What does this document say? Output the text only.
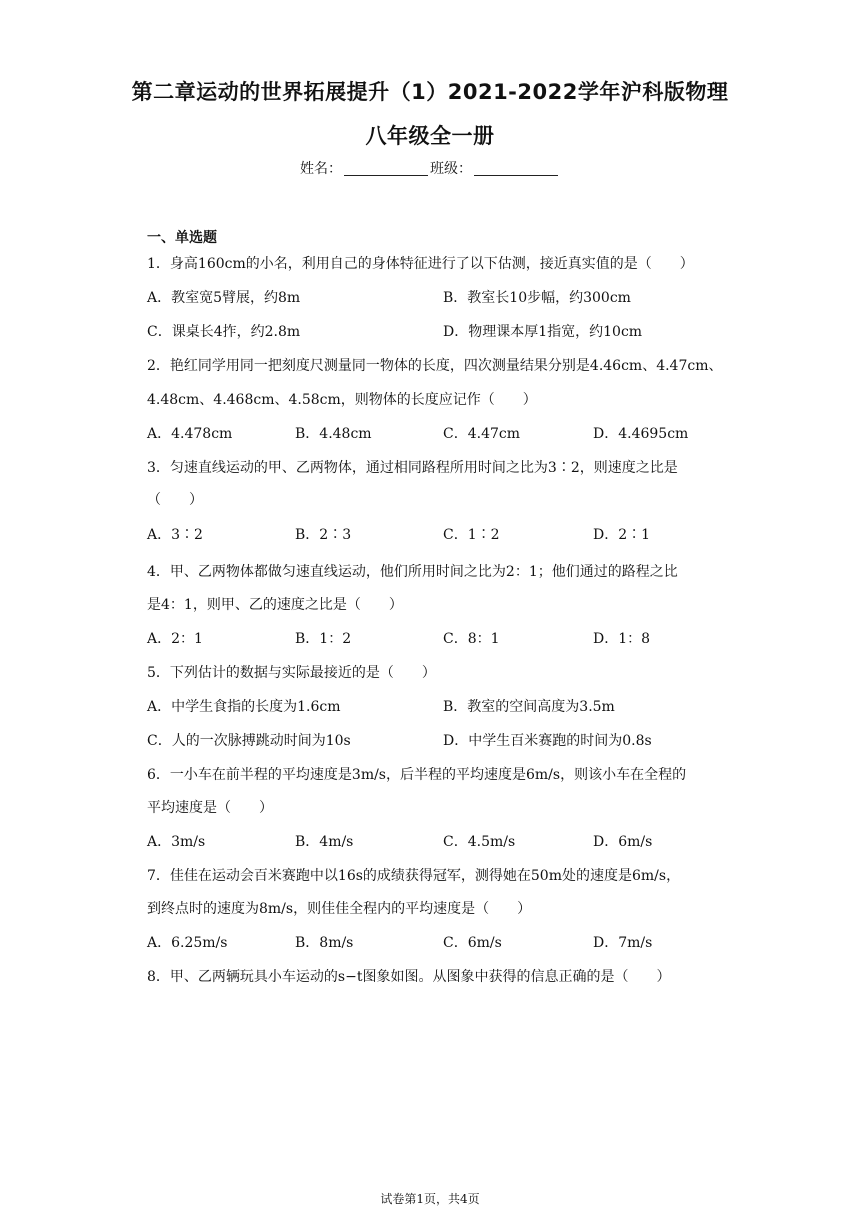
第二章运动的世界拓展提升（1）2021-2022学年沪科版物理
八年级全一册
姓名：	班级：
一、单选题
1．身高160cm的小名，利用自己的身体特征进行了以下估测，接近真实值的是（　　）
A．教室宽5臂展，约8m	B．教室长10步幅，约300cm
C．课桌长4拃，约2.8m	D．物理课本厚1指宽，约10cm
2．艳红同学用同一把刻度尺测量同一物体的长度，四次测量结果分别是4.46cm、4.47cm、
4.48cm、4.468cm、4.58cm，则物体的长度应记作（　　）
A．4.478cm	B．4.48cm	C．4.47cm	D．4.4695cm
3．匀速直线运动的甲、乙两物体，通过相同路程所用时间之比为3∶2，则速度之比是
（　　）
A．3∶2	B．2∶3	C．1∶2	D．2∶1
4．甲、乙两物体都做匀速直线运动，他们所用时间之比为2：1；他们通过的路程之比
是4：1，则甲、乙的速度之比是（　　）
A．2：1	B．1：2	C．8：1	D．1：8
5．下列估计的数据与实际最接近的是（　　）
A．中学生食指的长度为1.6cm	B．教室的空间高度为3.5m
C．人的一次脉搏跳动时间为10s	D．中学生百米赛跑的时间为0.8s
6．一小车在前半程的平均速度是3m/s，后半程的平均速度是6m/s，则该小车在全程的
平均速度是（　　）
A．3m/s	B．4m/s	C．4.5m/s	D．6m/s
7．佳佳在运动会百米赛跑中以16s的成绩获得冠军，测得她在50m处的速度是6m/s，
到终点时的速度为8m/s，则佳佳全程内的平均速度是（　　）
A．6.25m/s	B．8m/s	C．6m/s	D．7m/s
8．甲、乙两辆玩具小车运动的s−t图象如图。从图象中获得的信息正确的是（　　）
试卷第1页，共4页
